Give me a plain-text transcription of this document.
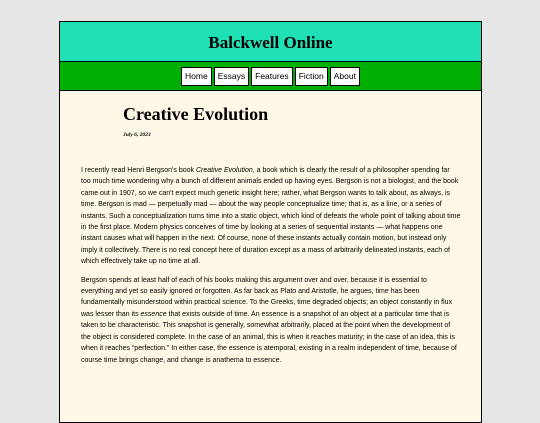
Balckwell Online
Home	Essays	Features	Fiction	About
Creative Evolution
July 6, 2023

I recently read Henri Bergson's book Creative Evolution, a book which is clearly the result of a philosopher spending far too much time wondering why a bunch of different animals ended up having eyes. Bergson is not a biologist, and the book came out in 1907, so we can't expect much genetic insight here; rather, what Bergson wants to talk about, as always, is time. Bergson is mad — perpetually mad — about the way people conceptualize time; that is, as a line, or a series of instants. Such a conceptualization turns time into a static object, which kind of defeats the whole point of talking about time in the first place. Modern physics conceives of time by looking at a series of sequential instants — what happens one instant causes what will happen in the next. Of course, none of these instants actually contain motion, but instead only imply it collectively. There is no real concept here of duration except as a mass of arbitrarily delineated instants, each of which effectively take up no time at all.

Bergson spends at least half of each of his books making this argument over and over, because it is essential to everything and yet so easily ignored or forgotten. As far back as Plato and Aristotle, he argues, time has been fundamentally misunderstood within practical science. To the Greeks, time degraded objects; an object constantly in flux was lesser than its essence that exists outside of time. An essence is a snapshot of an object at a particular time that is taken to be characteristic. This snapshot is generally, somewhat arbitrarily, placed at the point when the development of the object is considered complete. In the case of an animal, this is when it reaches maturity; in the case of an idea, this is when it reaches “perfection.” In either case, the essence is atemporal, existing in a realm independent of time, because of course time brings change, and change is anathema to essence.
